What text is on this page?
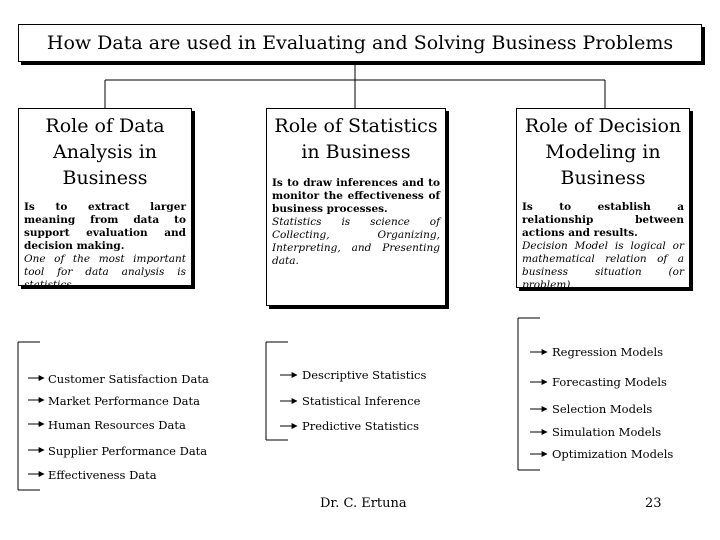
How Data are used in Evaluating and Solving Business Problems
Role of Data Analysis in Business
Is to extract larger meaning from data to support evaluation and decision making.
One of the most important tool for data analysis is statistics.
Role of Statistics in Business
Is to draw inferences and to monitor the effectiveness of business processes.
Statistics is science of Collecting, Organizing, Interpreting, and Presenting data.
Role of Decision Modeling in Business
Is to establish a relationship between actions and results.
Decision Model is logical or mathematical relation of a business situation (or problem).
Customer Satisfaction Data
Market Performance Data
Human Resources Data
Supplier Performance Data
Effectiveness Data
Descriptive Statistics
Statistical Inference
Predictive Statistics
Regression Models
Forecasting Models
Selection Models
Simulation Models
Optimization Models
Dr. C. Ertuna	23
